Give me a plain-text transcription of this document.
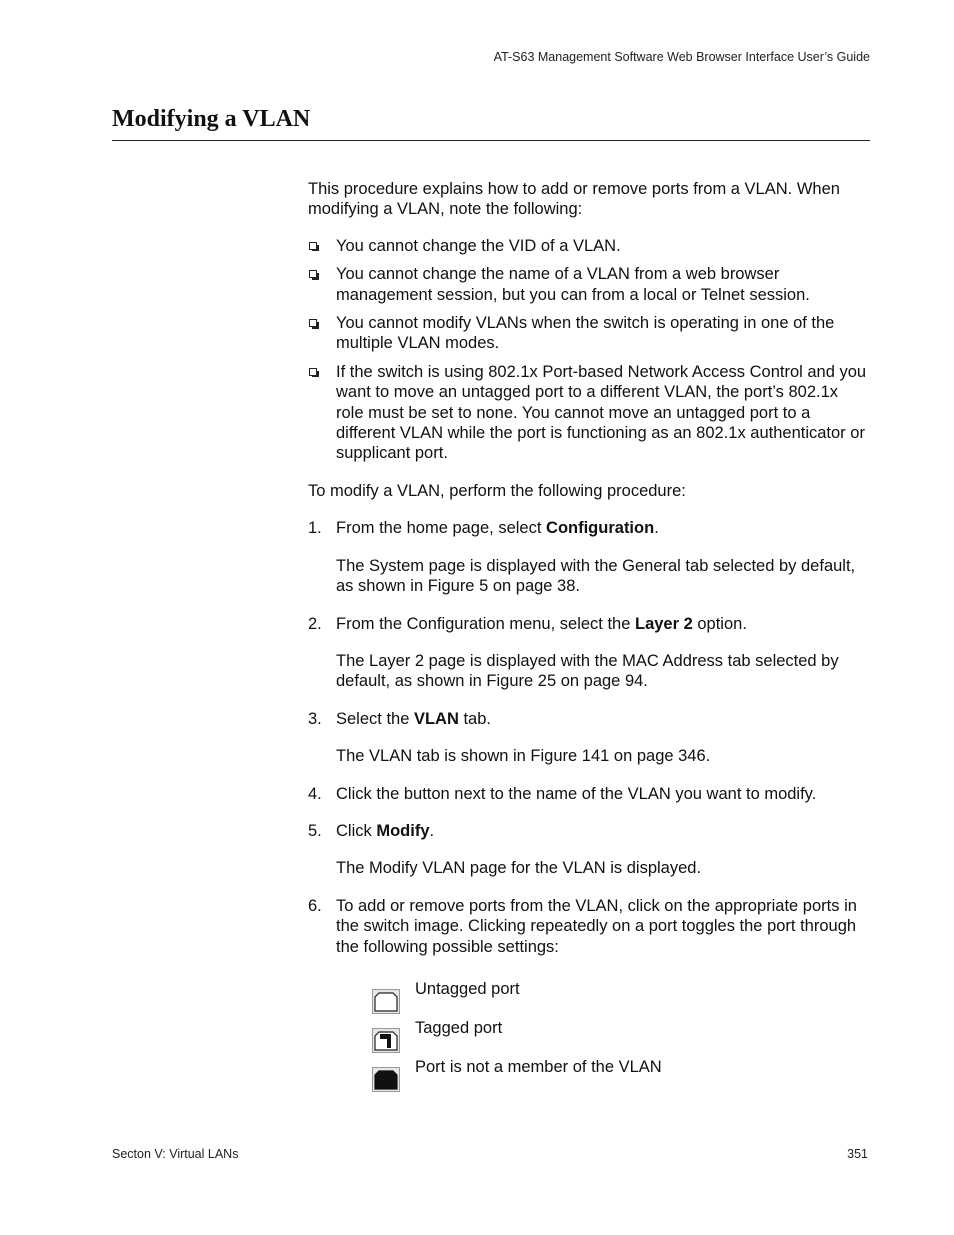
AT-S63 Management Software Web Browser Interface User’s Guide
Modifying a VLAN

This procedure explains how to add or remove ports from a VLAN. When modifying a VLAN, note the following:

You cannot change the VID of a VLAN.
You cannot change the name of a VLAN from a web browser management session, but you can from a local or Telnet session.
You cannot modify VLANs when the switch is operating in one of the multiple VLAN modes.
If the switch is using 802.1x Port-based Network Access Control and you want to move an untagged port to a different VLAN, the port’s 802.1x role must be set to none. You cannot move an untagged port to a different VLAN while the port is functioning as an 802.1x authenticator or supplicant port.

To modify a VLAN, perform the following procedure:

1. From the home page, select Configuration.

The System page is displayed with the General tab selected by default, as shown in Figure 5 on page 38.

2. From the Configuration menu, select the Layer 2 option.

The Layer 2 page is displayed with the MAC Address tab selected by default, as shown in Figure 25 on page 94.

3. Select the VLAN tab.

The VLAN tab is shown in Figure 141 on page 346.

4. Click the button next to the name of the VLAN you want to modify.

5. Click Modify.

The Modify VLAN page for the VLAN is displayed.

6. To add or remove ports from the VLAN, click on the appropriate ports in the switch image. Clicking repeatedly on a port toggles the port through the following possible settings:

Untagged port
Tagged port
Port is not a member of the VLAN
Secton V: Virtual LANs	351
